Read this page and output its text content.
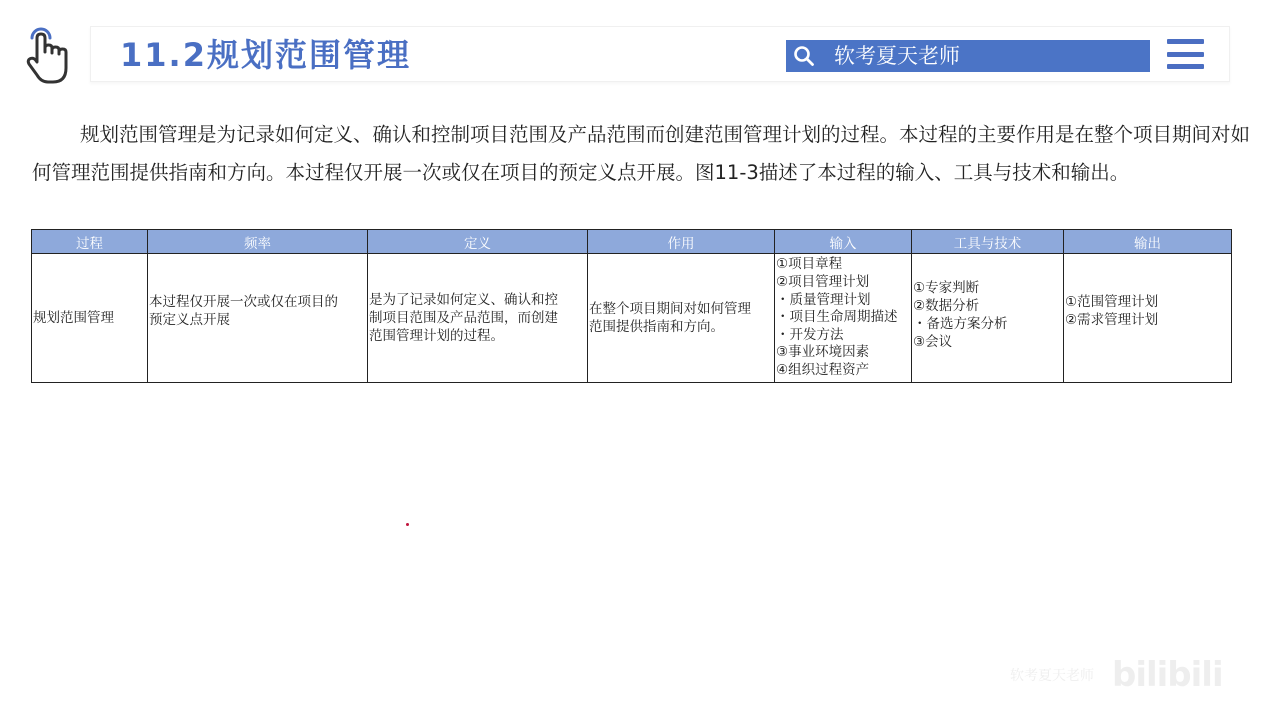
11.2规划范围管理	软考夏天老师

规划范围管理是为记录如何定义、确认和控制项目范围及产品范围而创建范围管理计划的过程。本过程的主要作用是在整个项目期间对如何管理范围提供指南和方向。本过程仅开展一次或仅在项目的预定义点开展。图11-3描述了本过程的输入、工具与技术和输出。

过程	频率	定义	作用	输入	工具与技术	输出

规划范围管理

本过程仅开展一次或仅在项目的
预定义点开展

是为了记录如何定义、确认和控
制项目范围及产品范围，而创建
范围管理计划的过程。

在整个项目期间对如何管理
范围提供指南和方向。

①项目章程
②项目管理计划
・质量管理计划
・项目生命周期描述
・开发方法
③事业环境因素
④组织过程资产

①专家判断
②数据分析
・备选方案分析
③会议

①范围管理计划
②需求管理计划
软考夏天老师 bilibili
